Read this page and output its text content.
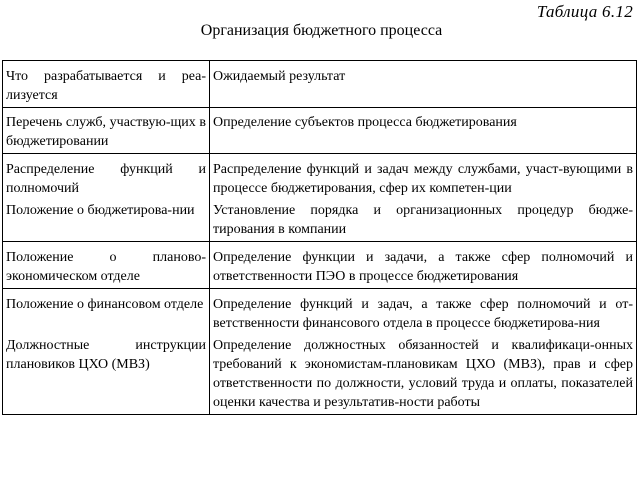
Таблица 6.12
Организация бюджетного процесса
Что разрабатывается и реа-лизуется	Ожидаемый результат

Перечень служб, участвую-щих в бюджетировании	Определение субъектов процесса бюджетирования

Распределение функций и полномочий	Распределение функций и задач между службами, участ-вующими в процессе бюджетирования, сфер их компетен-ции

Положение о бюджетирова-нии	Установление порядка и организационных процедур бюдже-тирования в компании

Положение о планово-экономическом отделе	Определение функции и задачи, а также сфер полномочий и ответственности ПЭО в процессе бюджетирования

Положение о финансовом отделе	Определение функций и задач, а также сфер полномочий и от-ветственности финансового отдела в процессе бюджетирова-ния

Должностные инструкции плановиков ЦХО (МВЗ)	Определение должностных обязанностей и квалификаци-онных требований к экономистам-плановикам ЦХО (МВЗ), прав и сфер ответственности по должности, условий труда и оплаты, показателей оценки качества и результатив-ности работы
